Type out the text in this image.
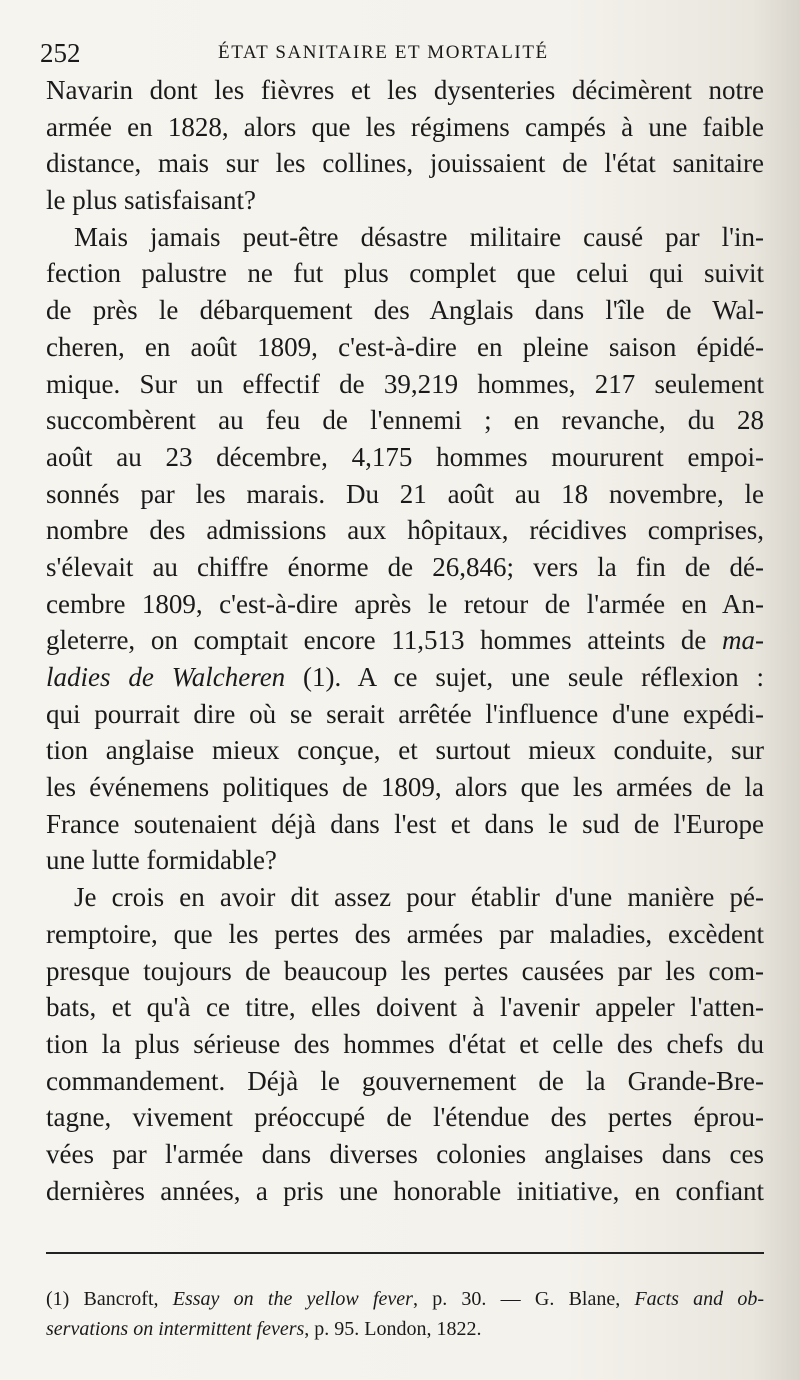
252	ÉTAT SANITAIRE ET MORTALITÉ
Navarin dont les fièvres et les dysenteries décimèrent notre
armée en 1828, alors que les régimens campés à une faible
distance, mais sur les collines, jouissaient de l'état sanitaire
le plus satisfaisant?
Mais jamais peut-être désastre militaire causé par l'in-
fection palustre ne fut plus complet que celui qui suivit
de près le débarquement des Anglais dans l'île de Wal-
cheren, en août 1809, c'est-à-dire en pleine saison épidé-
mique. Sur un effectif de 39,219 hommes, 217 seulement
succombèrent au feu de l'ennemi ; en revanche, du 28
août au 23 décembre, 4,175 hommes moururent empoi-
sonnés par les marais. Du 21 août au 18 novembre, le
nombre des admissions aux hôpitaux, récidives comprises,
s'élevait au chiffre énorme de 26,846; vers la fin de dé-
cembre 1809, c'est-à-dire après le retour de l'armée en An-
gleterre, on comptait encore 11,513 hommes atteints de ma-
ladies de Walcheren (1). A ce sujet, une seule réflexion :
qui pourrait dire où se serait arrêtée l'influence d'une expédi-
tion anglaise mieux conçue, et surtout mieux conduite, sur
les événemens politiques de 1809, alors que les armées de la
France soutenaient déjà dans l'est et dans le sud de l'Europe
une lutte formidable?
Je crois en avoir dit assez pour établir d'une manière pé-
remptoire, que les pertes des armées par maladies, excèdent
presque toujours de beaucoup les pertes causées par les com-
bats, et qu'à ce titre, elles doivent à l'avenir appeler l'atten-
tion la plus sérieuse des hommes d'état et celle des chefs du
commandement. Déjà le gouvernement de la Grande-Bre-
tagne, vivement préoccupé de l'étendue des pertes éprou-
vées par l'armée dans diverses colonies anglaises dans ces
dernières années, a pris une honorable initiative, en confiant
(1) Bancroft, Essay on the yellow fever, p. 30. — G. Blane, Facts and ob-
servations on intermittent fevers, p. 95. London, 1822.
